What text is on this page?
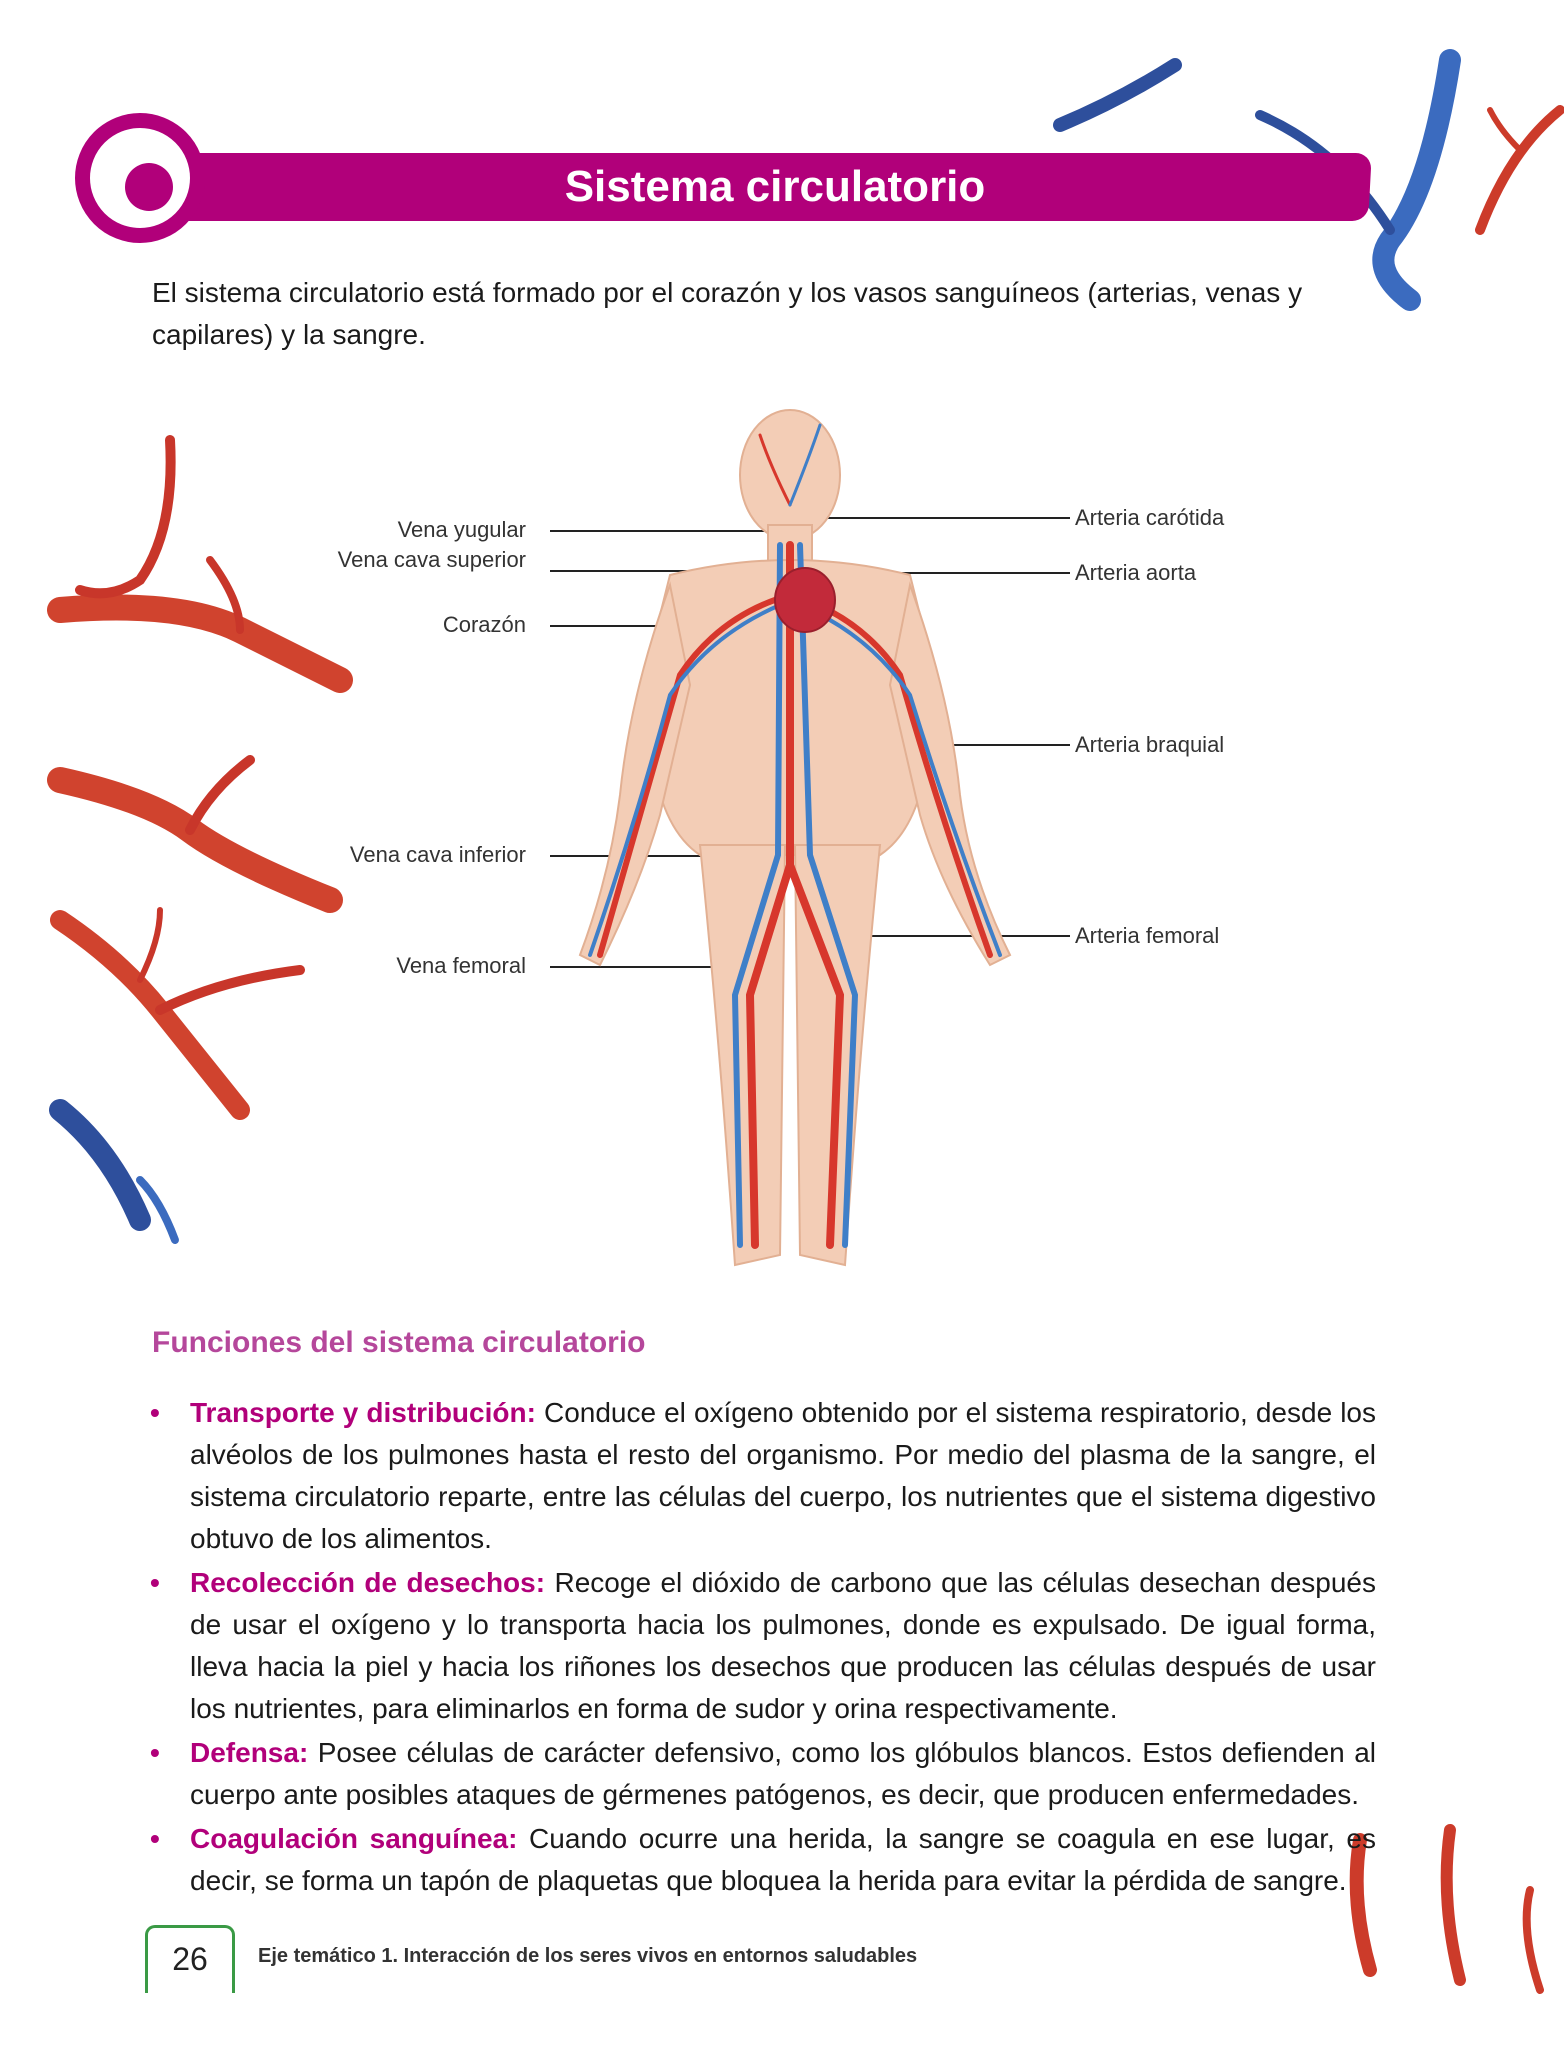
Sistema circulatorio
El sistema circulatorio está formado por el corazón y los vasos sanguíneos (arterias, venas y capilares) y la sangre.
Vena yugular
Vena cava superior
Corazón
Vena cava inferior
Vena femoral
Arteria carótida
Arteria aorta
Arteria braquial
Arteria femoral
Funciones del sistema circulatorio
• Transporte y distribución: Conduce el oxígeno obtenido por el sistema respiratorio, desde los alvéolos de los pulmones hasta el resto del organismo. Por medio del plasma de la sangre, el sistema circulatorio reparte, entre las células del cuerpo, los nutrientes que el sistema digestivo obtuvo de los alimentos.
• Recolección de desechos: Recoge el dióxido de carbono que las células desechan después de usar el oxígeno y lo transporta hacia los pulmones, donde es expulsado. De igual forma, lleva hacia la piel y hacia los riñones los desechos que producen las células después de usar los nutrientes, para eliminarlos en forma de sudor y orina respectivamente.
• Defensa: Posee células de carácter defensivo, como los glóbulos blancos. Estos defienden al cuerpo ante posibles ataques de gérmenes patógenos, es decir, que producen enfermedades.
• Coagulación sanguínea: Cuando ocurre una herida, la sangre se coagula en ese lugar, es decir, se forma un tapón de plaquetas que bloquea la herida para evitar la pérdida de sangre.
26	Eje temático 1. Interacción de los seres vivos en entornos saludables
